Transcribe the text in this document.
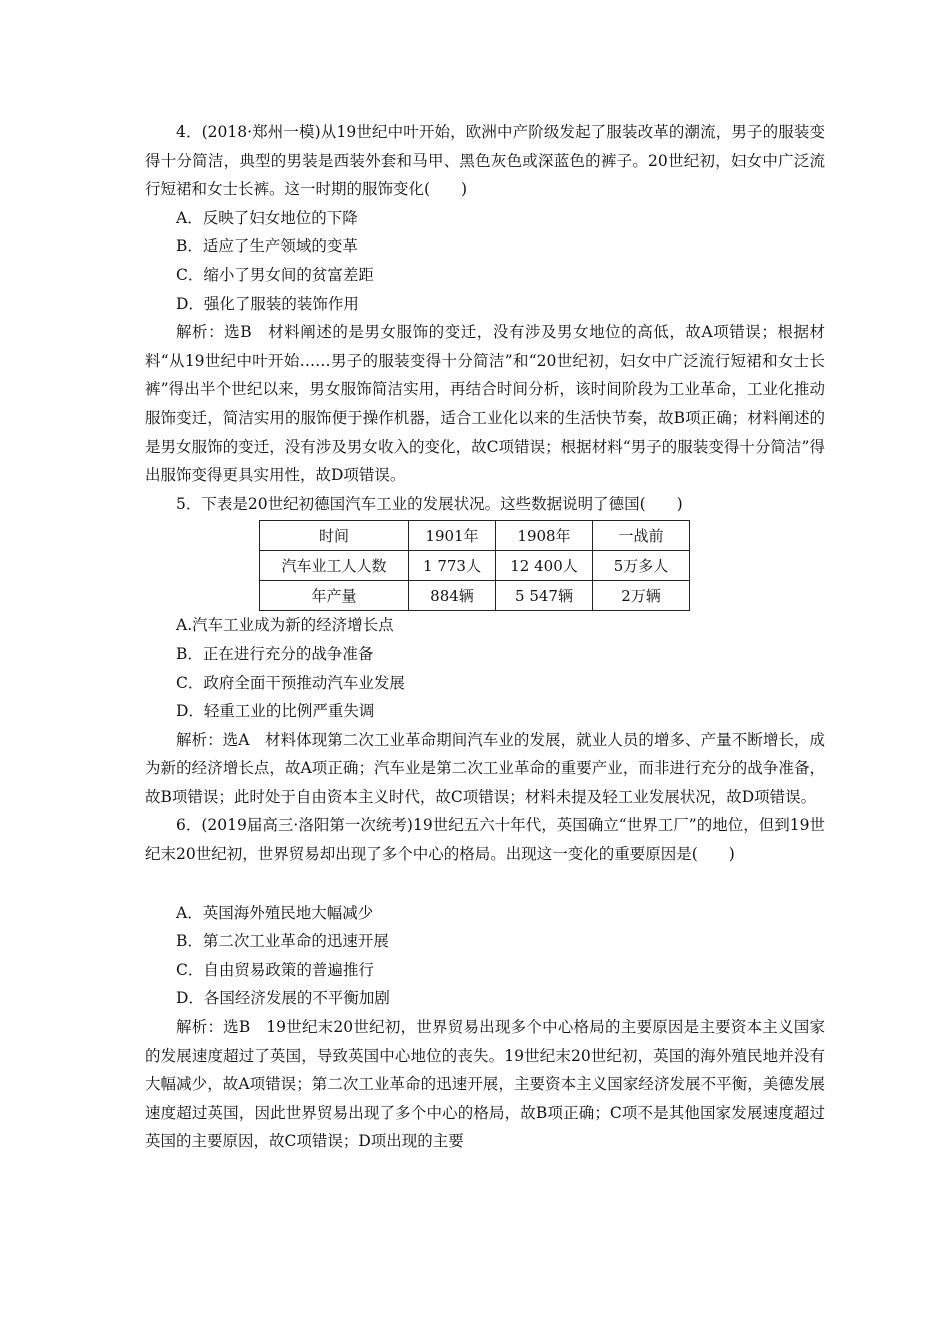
4．(2018·郑州一模)从19世纪中叶开始，欧洲中产阶级发起了服装改革的潮流，男子的服装变得十分简洁，典型的男装是西装外套和马甲、黑色灰色或深蓝色的裤子。20世纪初，妇女中广泛流行短裙和女士长裤。这一时期的服饰变化(　　)

A．反映了妇女地位的下降

B．适应了生产领域的变革

C．缩小了男女间的贫富差距

D．强化了服装的装饰作用

解析：选B　材料阐述的是男女服饰的变迁，没有涉及男女地位的高低，故A项错误；根据材料“从19世纪中叶开始……男子的服装变得十分简洁”和“20世纪初，妇女中广泛流行短裙和女士长裤”得出半个世纪以来，男女服饰简洁实用，再结合时间分析，该时间阶段为工业革命，工业化推动服饰变迁，简洁实用的服饰便于操作机器，适合工业化以来的生活快节奏，故B项正确；材料阐述的是男女服饰的变迁，没有涉及男女收入的变化，故C项错误；根据材料“男子的服装变得十分简洁”得出服饰变得更具实用性，故D项错误。

5．下表是20世纪初德国汽车工业的发展状况。这些数据说明了德国(　　)

时间	1901年	1908年	一战前
汽车业工人人数	1 773人	12 400人	5万多人
年产量	884辆	5 547辆	2万辆

A.汽车工业成为新的经济增长点

B．正在进行充分的战争准备

C．政府全面干预推动汽车业发展

D．轻重工业的比例严重失调

解析：选A　材料体现第二次工业革命期间汽车业的发展，就业人员的增多、产量不断增长，成为新的经济增长点，故A项正确；汽车业是第二次工业革命的重要产业，而非进行充分的战争准备，故B项错误；此时处于自由资本主义时代，故C项错误；材料未提及轻工业发展状况，故D项错误。

6．(2019届高三·洛阳第一次统考)19世纪五六十年代，英国确立“世界工厂”的地位，但到19世纪末20世纪初，世界贸易却出现了多个中心的格局。出现这一变化的重要原因是(　　)

A．英国海外殖民地大幅减少

B．第二次工业革命的迅速开展

C．自由贸易政策的普遍推行

D．各国经济发展的不平衡加剧

解析：选B　19世纪末20世纪初，世界贸易出现多个中心格局的主要原因是主要资本主义国家的发展速度超过了英国，导致英国中心地位的丧失。19世纪末20世纪初，英国的海外殖民地并没有大幅减少，故A项错误；第二次工业革命的迅速开展，主要资本主义国家经济发展不平衡，美德发展速度超过英国，因此世界贸易出现了多个中心的格局，故B项正确；C项不是其他国家发展速度超过英国的主要原因，故C项错误；D项出现的主要
